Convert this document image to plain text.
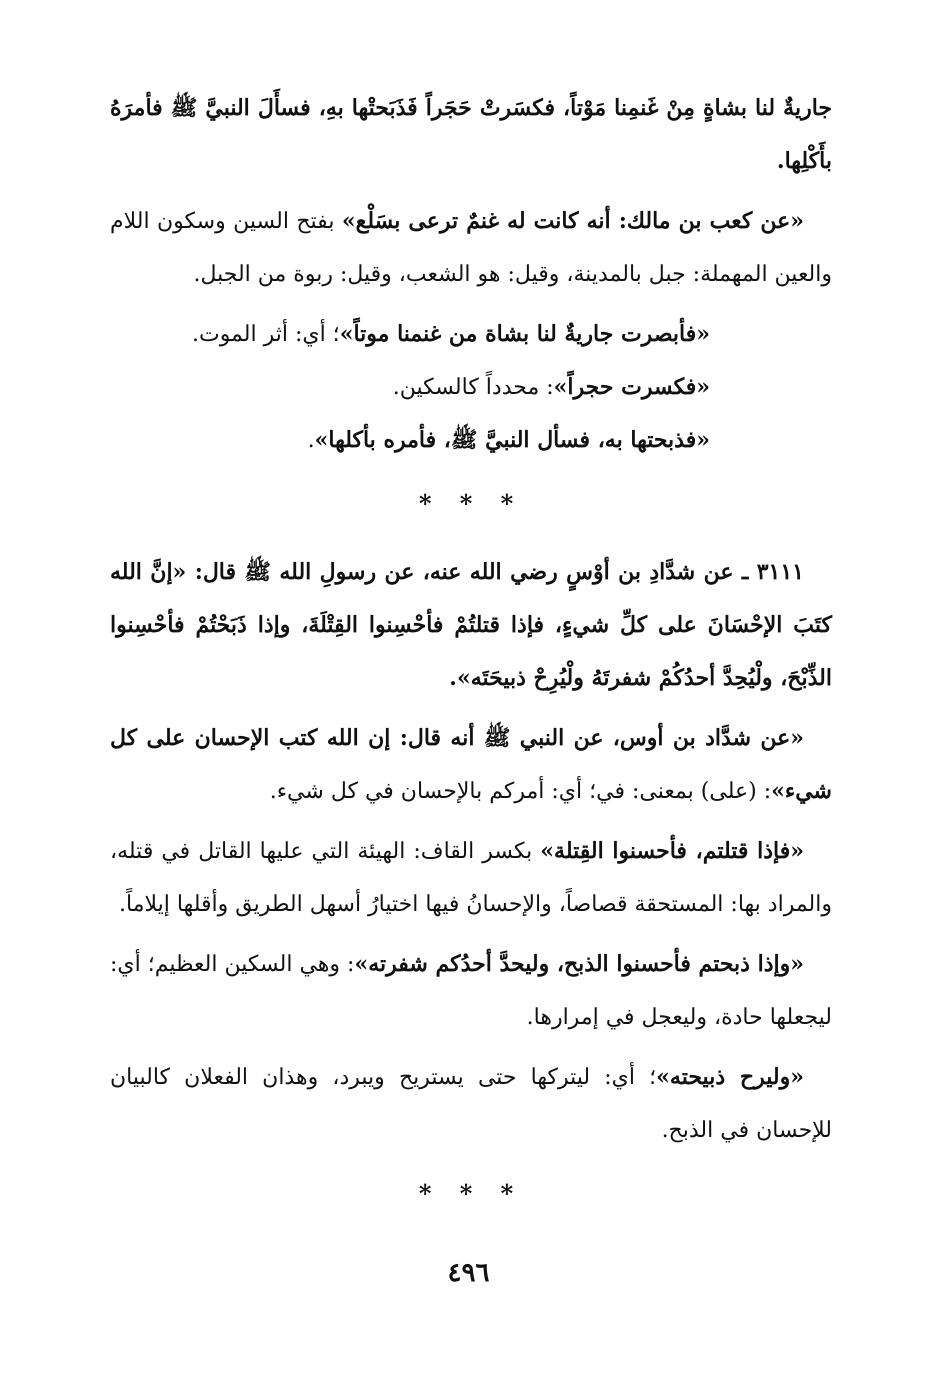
جاريةٌ لنا بشاةٍ مِنْ غَنمِنا مَوْتاً، فكسَرتْ حَجَراً فَذَبَحتْها بهِ، فسأَلَ النبيَّ ﷺ فأمرَهُ بأَكْلِها.

«عن كعب بن مالك: أنه كانت له غنمٌ ترعى بسَلْع» بفتح السين وسكون اللام والعين المهملة: جبل بالمدينة، وقيل: هو الشعب، وقيل: ربوة من الجبل.

«فأبصرت جاريةٌ لنا بشاة من غنمنا موتاً»؛ أي: أثر الموت.

«فكسرت حجراً»: محدداً كالسكين.

«فذبحتها به، فسأل النبيَّ ﷺ، فأمره بأكلها».

* * *

٣١١١ ـ عن شدَّادِ بن أوْسٍ رضي الله عنه، عن رسولِ الله ﷺ قال: «إنَّ الله كتَبَ الإحْسَانَ على كلِّ شيءٍ، فإذا قتلتُمْ فأحْسِنوا القِتْلَةَ، وإذا ذَبَحْتُمْ فأحْسِنوا الذِّبْحَ، ولْيُحِدَّ أحدُكُمْ شفرتَهُ ولْيُرِحْ ذبيحَتَه».

«عن شدَّاد بن أوس، عن النبي ﷺ أنه قال: إن الله كتب الإحسان على كل شيء»: (على) بمعنى: في؛ أي: أمركم بالإحسان في كل شيء.

«فإذا قتلتم، فأحسنوا القِتلة» بكسر القاف: الهيئة التي عليها القاتل في قتله، والمراد بها: المستحقة قصاصاً، والإحسانُ فيها اختيارُ أسهل الطريق وأقلها إيلاماً.

«وإذا ذبحتم فأحسنوا الذبح، وليحدَّ أحدُكم شفرته»: وهي السكين العظيم؛ أي: ليجعلها حادة، وليعجل في إمرارها.

«وليرح ذبيحته»؛ أي: ليتركها حتى يستريح ويبرد، وهذان الفعلان كالبيان للإحسان في الذبح.

* * *
٤٩٦
